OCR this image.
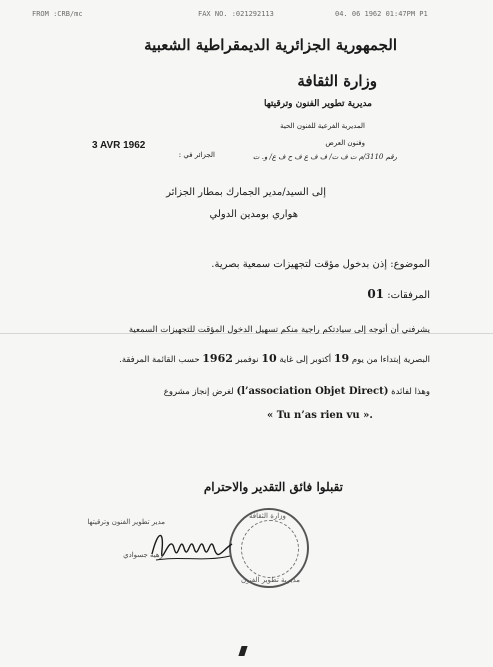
FROM :CRB/mc	FAX NO. :021292113	04. 06 1962 01:47PM P1
الجمهورية الجزائرية الديمقراطية الشعبية
وزارة الثقافة
مديرية تطوير الفنون وترقيتها
المديرية الفرعية للفنون الحية
وفنون العرض
رقم 3110/م ت ف ت/ ف ف ع ف ح ف ع/ و. ت
3 AVR 1962
الجزائر في :
إلى السيد/مدير الجمارك بمطار الجزائر
هواري بومدين الدولي
الموضوع: إذن بدخول مؤقت لتجهيزات سمعية بصرية.
المرفقات: 01
يشرفني أن أتوجه إلى سيادتكم راجية منكم تسهيل الدخول المؤقت للتجهيزات السمعية
البصرية إبتداءا من يوم 19 أكتوبر إلى غاية 10 نوفمبر 1962 حسب القائمة المرفقة.
وهذا لفائدة (l’association Objet Direct) لغرض إنجاز مشروع
« Tu n’as rien vu ».
تقبلوا فائق التقدير والاحترام
وزارة الثقافة
مديرية تطوير الفنون
مدير تطوير الفنون وترقيتها
زهية جسوادي
